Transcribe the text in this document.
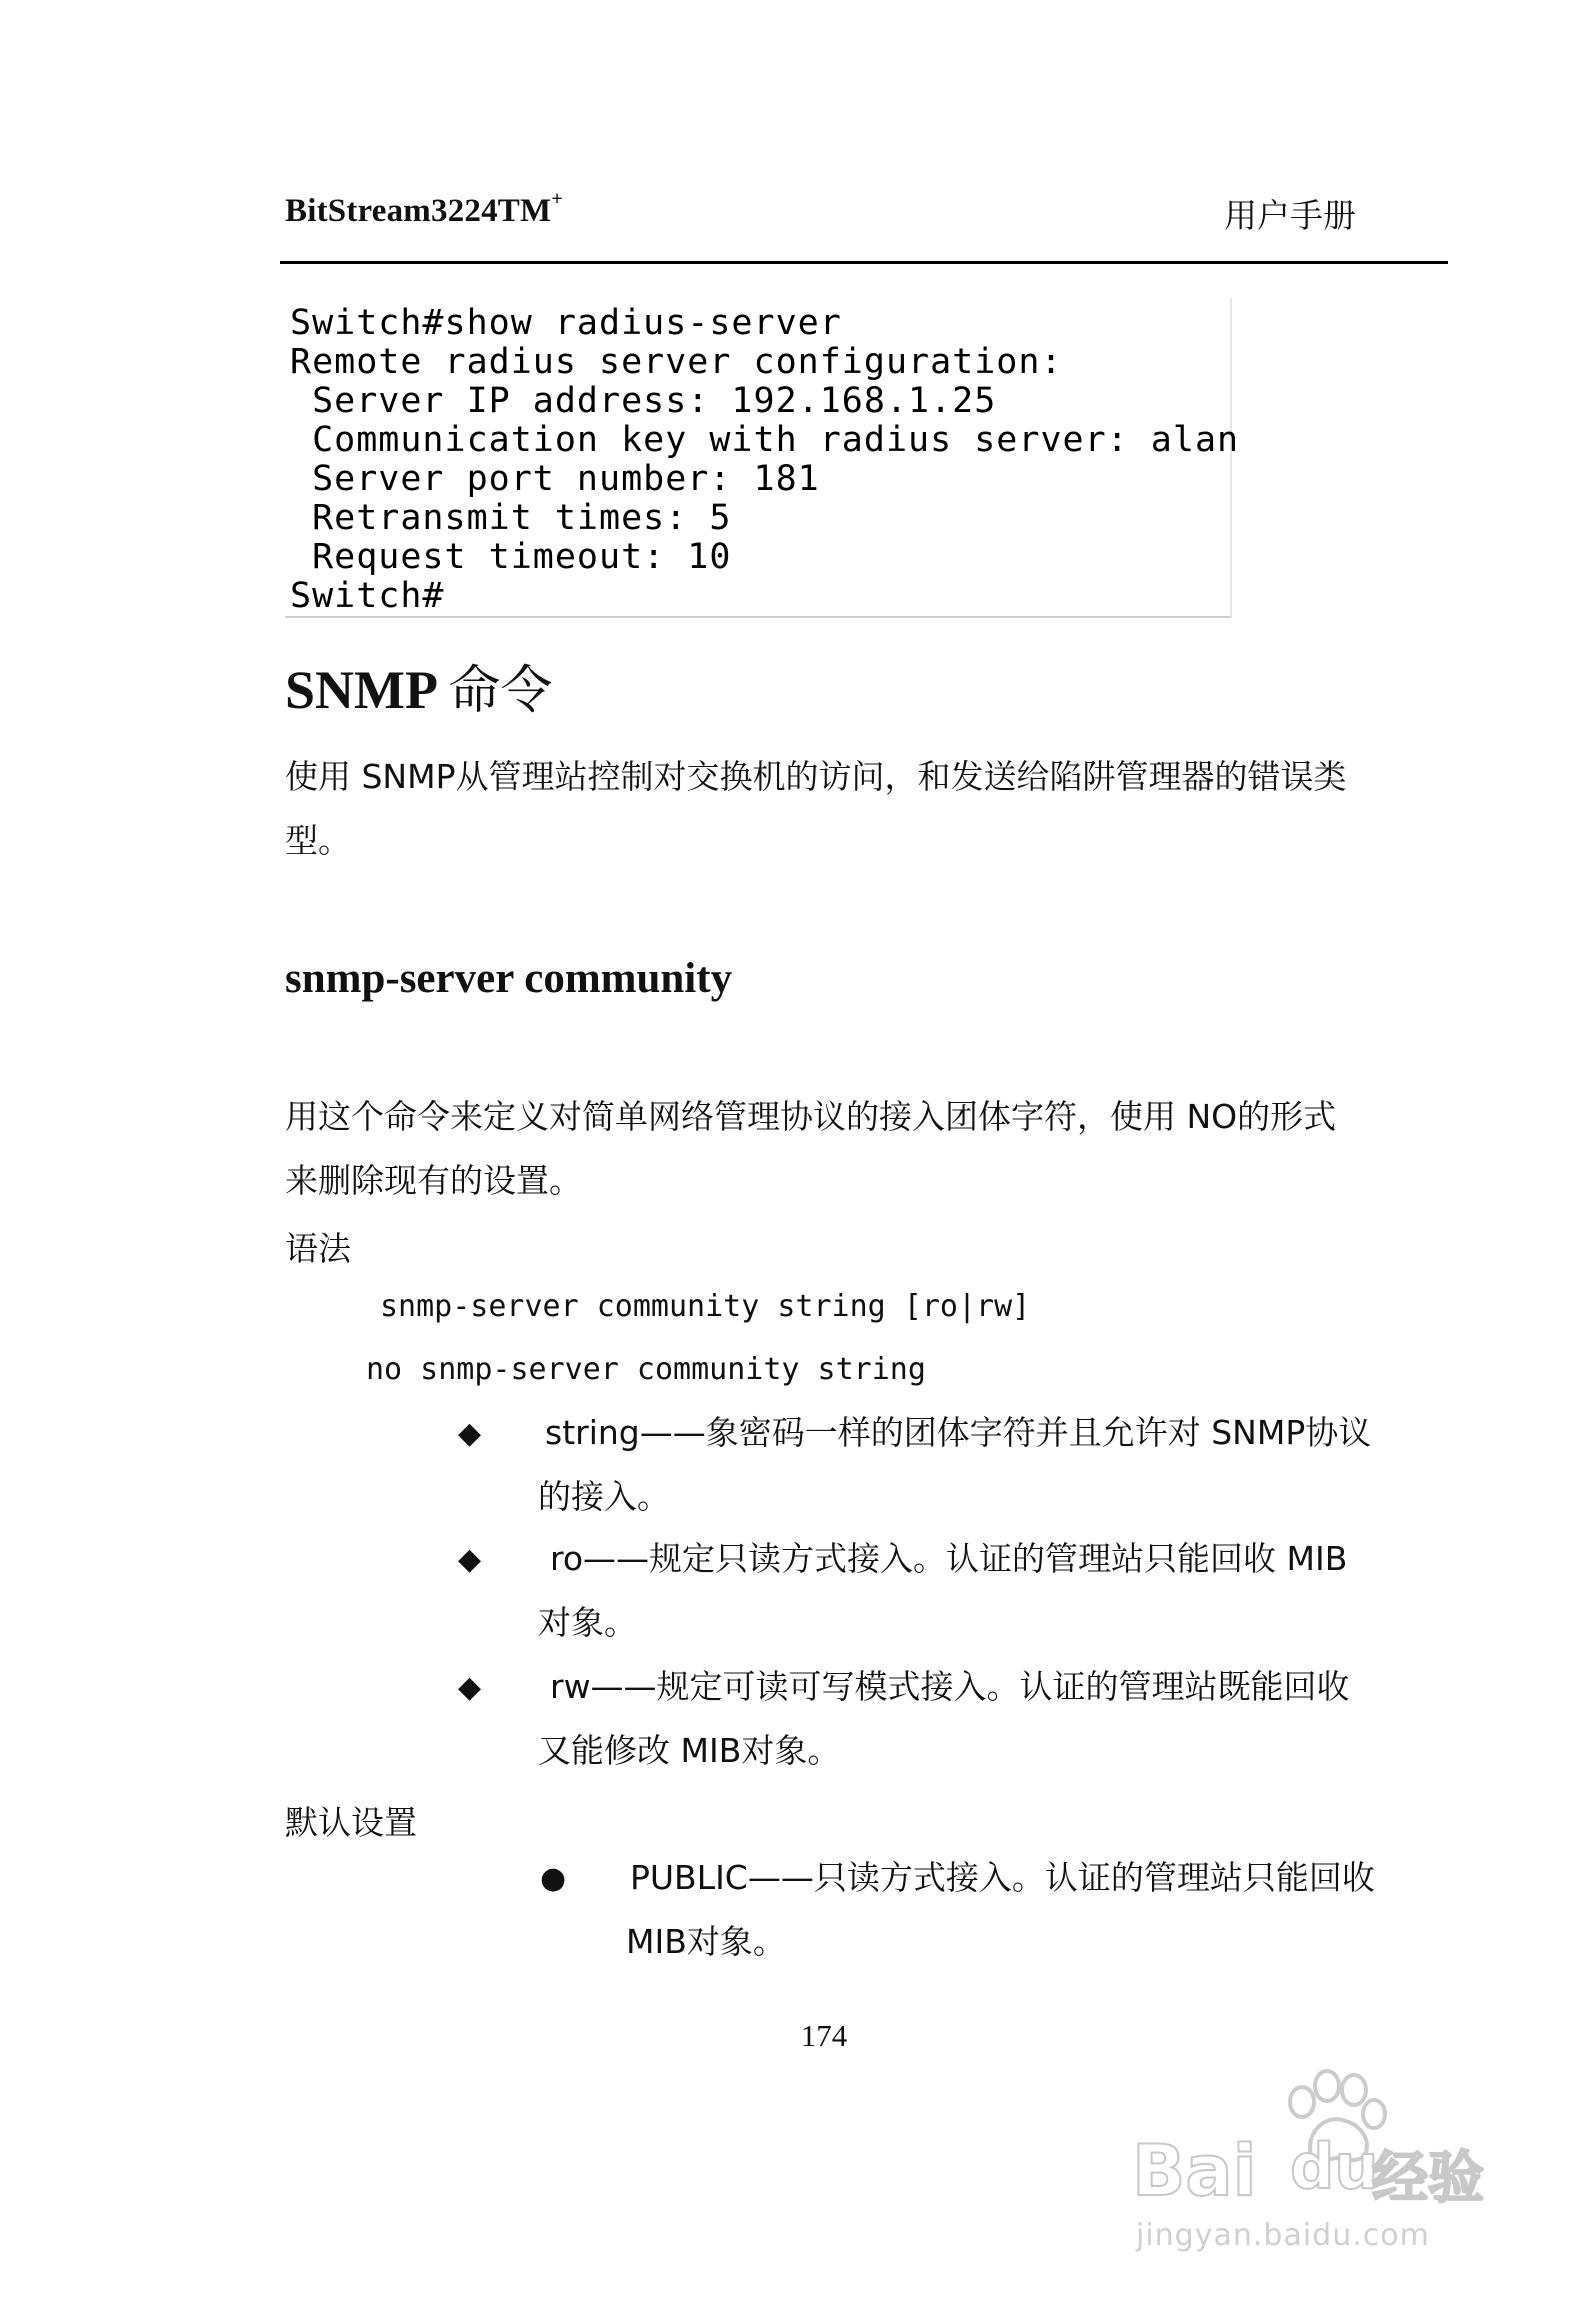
BitStream3224TM+	用户手册
Switch#show radius-server
Remote radius server configuration:
Server IP address: 192.168.1.25
Communication key with radius server: alan
Server port number: 181
Retransmit times: 5
Request timeout: 10
Switch#
SNMP 命令
使用 SNMP从管理站控制对交换机的访问，和发送给陷阱管理器的错误类
型。
snmp-server community
用这个命令来定义对简单网络管理协议的接入团体字符，使用 NO的形式
来删除现有的设置。
语法
snmp-server community string [ro|rw]
no snmp-server community string
◆ string——象密码一样的团体字符并且允许对 SNMP协议
的接入。
◆ ro——规定只读方式接入。认证的管理站只能回收 MIB
对象。
◆ rw——规定可读可写模式接入。认证的管理站既能回收
又能修改 MIB对象。
默认设置
● PUBLIC——只读方式接入。认证的管理站只能回收
MIB对象。
174
Bai du
经验
jingyan.baidu.com
